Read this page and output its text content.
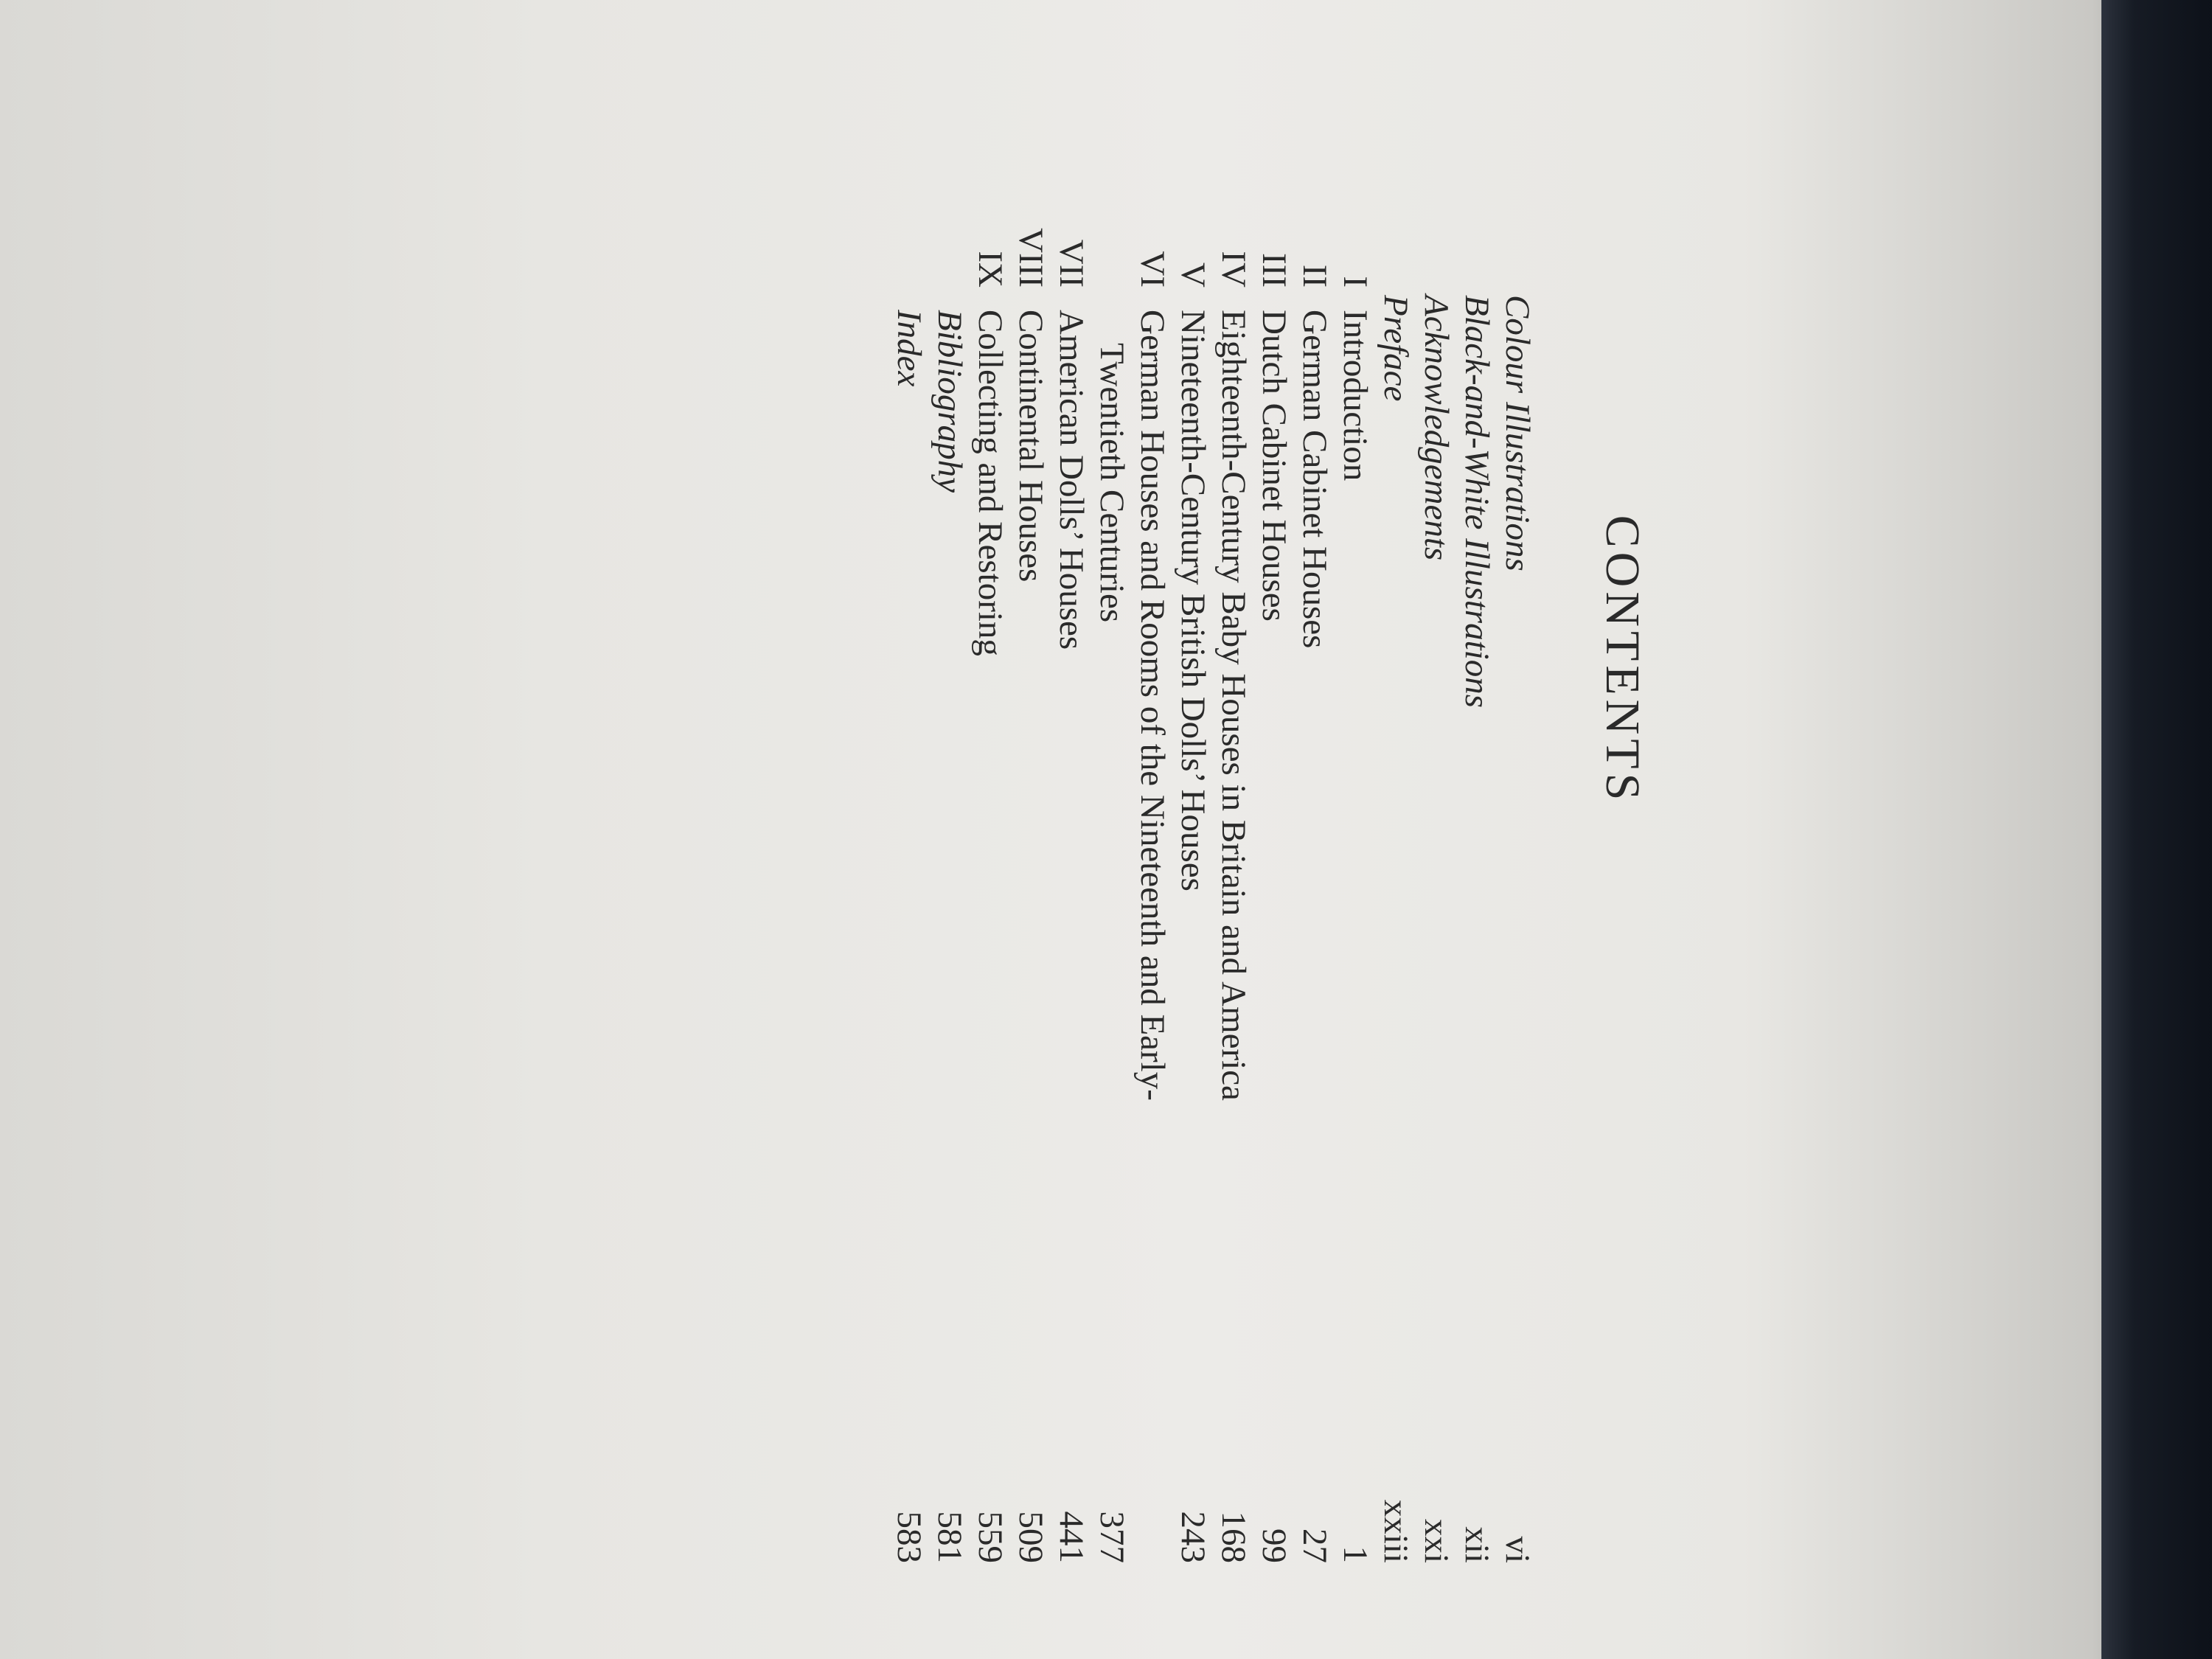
CONTENTS
Colour Illustrations
vi
Black-and-White Illustrations
xii
Acknowledgements
xxi
Preface
xxiii
I
Introduction
1
II
German Cabinet Houses
27
III
Dutch Cabinet Houses
99
IV
Eighteenth-Century Baby Houses in Britain and America
168
V
Nineteenth-Century British Dolls’ Houses
243
VI
German Houses and Rooms of the Nineteenth and Early-
Twentieth Centuries
377
VII
American Dolls’ Houses
441
VIII
Continental Houses
509
IX
Collecting and Restoring
559
Bibliography
581
Index
583
